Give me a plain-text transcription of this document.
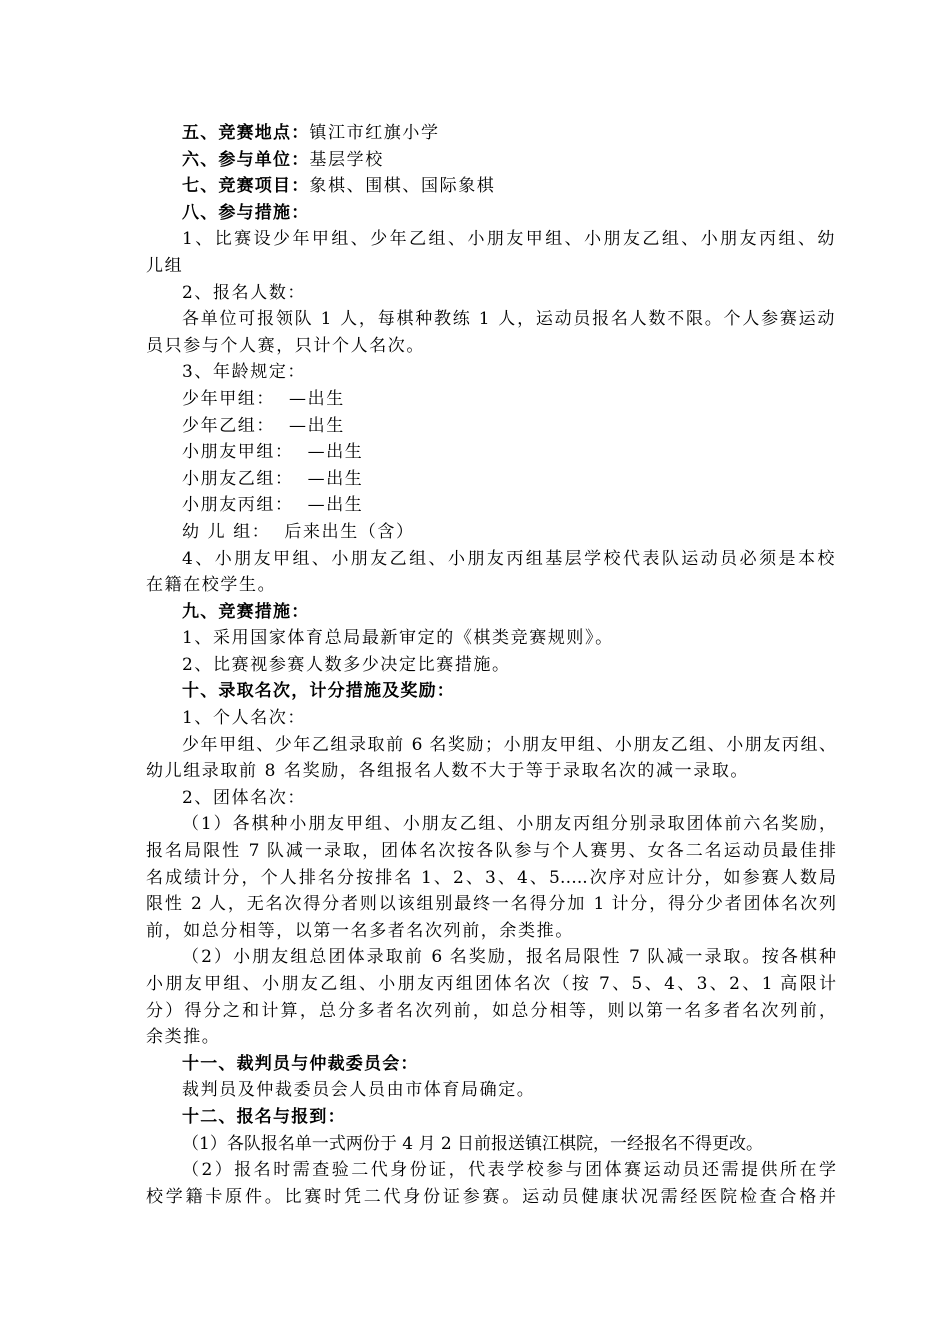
五、竞赛地点：镇江市红旗小学
六、参与单位：基层学校
七、竞赛项目：象棋、围棋、国际象棋
八、参与措施：
1、比赛设少年甲组、少年乙组、小朋友甲组、小朋友乙组、小朋友丙组、幼
儿组
2、报名人数：
各单位可报领队 1 人，每棋种教练 1 人，运动员报名人数不限。个人参赛运动
员只参与个人赛，只计个人名次。
3、年龄规定：
少年甲组：  —出生
少年乙组：  —出生
小朋友甲组：  —出生
小朋友乙组：  —出生
小朋友丙组：  —出生
幼 儿 组：  后来出生（含）
4、小朋友甲组、小朋友乙组、小朋友丙组基层学校代表队运动员必须是本校
在籍在校学生。
九、竞赛措施：
1、采用国家体育总局最新审定的《棋类竞赛规则》。
2、比赛视参赛人数多少决定比赛措施。
十、录取名次，计分措施及奖励：
1、个人名次：
少年甲组、少年乙组录取前 6 名奖励；小朋友甲组、小朋友乙组、小朋友丙组、
幼儿组录取前 8 名奖励，各组报名人数不大于等于录取名次的减一录取。
2、团体名次：
（1）各棋种小朋友甲组、小朋友乙组、小朋友丙组分别录取团体前六名奖励，
报名局限性 7 队减一录取，团体名次按各队参与个人赛男、女各二名运动员最佳排
名成绩计分，个人排名分按排名 1、2、3、4、5…..次序对应计分，如参赛人数局
限性 2 人，无名次得分者则以该组别最终一名得分加 1 计分，得分少者团体名次列
前，如总分相等，以第一名多者名次列前，余类推。
（2）小朋友组总团体录取前 6 名奖励，报名局限性 7 队减一录取。按各棋种
小朋友甲组、小朋友乙组、小朋友丙组团体名次（按 7、5、4、3、2、1 高限计
分）得分之和计算，总分多者名次列前，如总分相等，则以第一名多者名次列前，
余类推。
十一、裁判员与仲裁委员会：
裁判员及仲裁委员会人员由市体育局确定。
十二、报名与报到：
（1）各队报名单一式两份于 4 月 2 日前报送镇江棋院，一经报名不得更改。
（2）报名时需查验二代身份证，代表学校参与团体赛运动员还需提供所在学
校学籍卡原件。比赛时凭二代身份证参赛。运动员健康状况需经医院检查合格并
